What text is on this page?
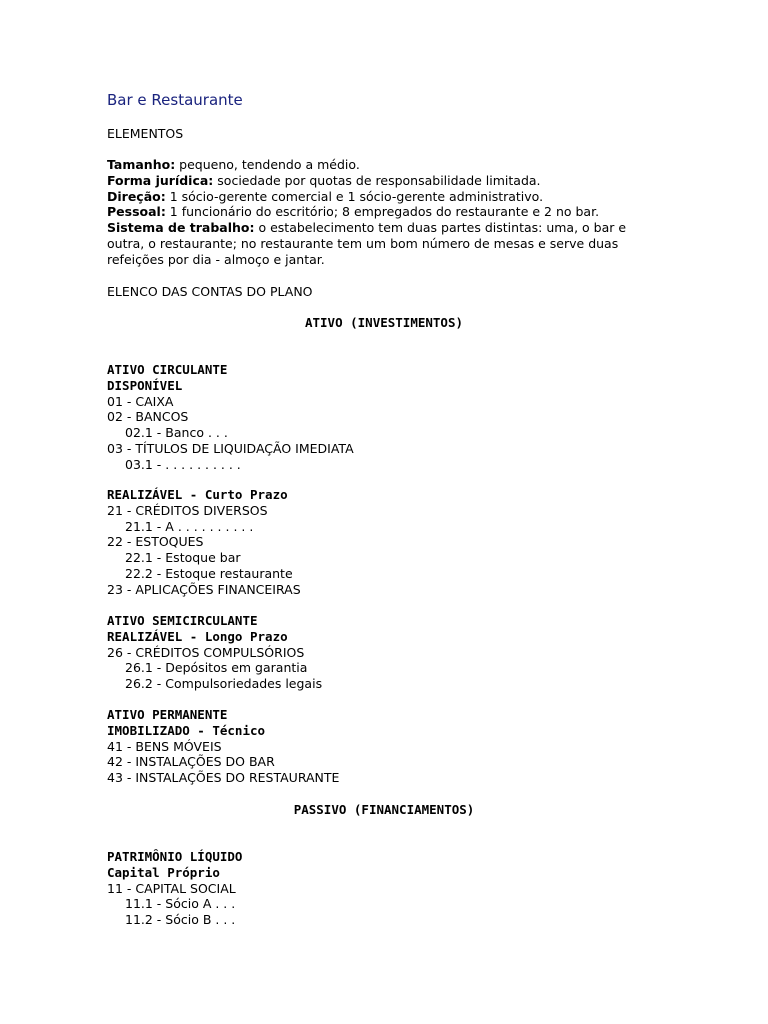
Bar e Restaurante
ELEMENTOS
Tamanho: pequeno, tendendo a médio.
Forma jurídica: sociedade por quotas de responsabilidade limitada.
Direção: 1 sócio-gerente comercial e 1 sócio-gerente administrativo.
Pessoal: 1 funcionário do escritório; 8 empregados do restaurante e 2 no bar.
Sistema de trabalho: o estabelecimento tem duas partes distintas: uma, o bar e outra, o restaurante; no restaurante tem um bom número de mesas e serve duas refeições por dia - almoço e jantar.
ELENCO DAS CONTAS DO PLANO
ATIVO (INVESTIMENTOS)
ATIVO CIRCULANTE
DISPONÍVEL
01 - CAIXA
02 - BANCOS
02.1 - Banco . . .
03 - TÍTULOS DE LIQUIDAÇÃO IMEDIATA
03.1 - . . . . . . . . . .
REALIZÁVEL - Curto Prazo
21 - CRÉDITOS DIVERSOS
21.1 - A . . . . . . . . . .
22 - ESTOQUES
22.1 - Estoque bar
22.2 - Estoque restaurante
23 - APLICAÇÕES FINANCEIRAS
ATIVO SEMICIRCULANTE
REALIZÁVEL - Longo Prazo
26 - CRÉDITOS COMPULSÓRIOS
26.1 - Depósitos em garantia
26.2 - Compulsoriedades legais
ATIVO PERMANENTE
IMOBILIZADO - Técnico
41 - BENS MÓVEIS
42 - INSTALAÇÕES DO BAR
43 - INSTALAÇÕES DO RESTAURANTE
PASSIVO (FINANCIAMENTOS)
PATRIMÔNIO LÍQUIDO
Capital Próprio
11 - CAPITAL SOCIAL
11.1 - Sócio A . . .
11.2 - Sócio B . . .
